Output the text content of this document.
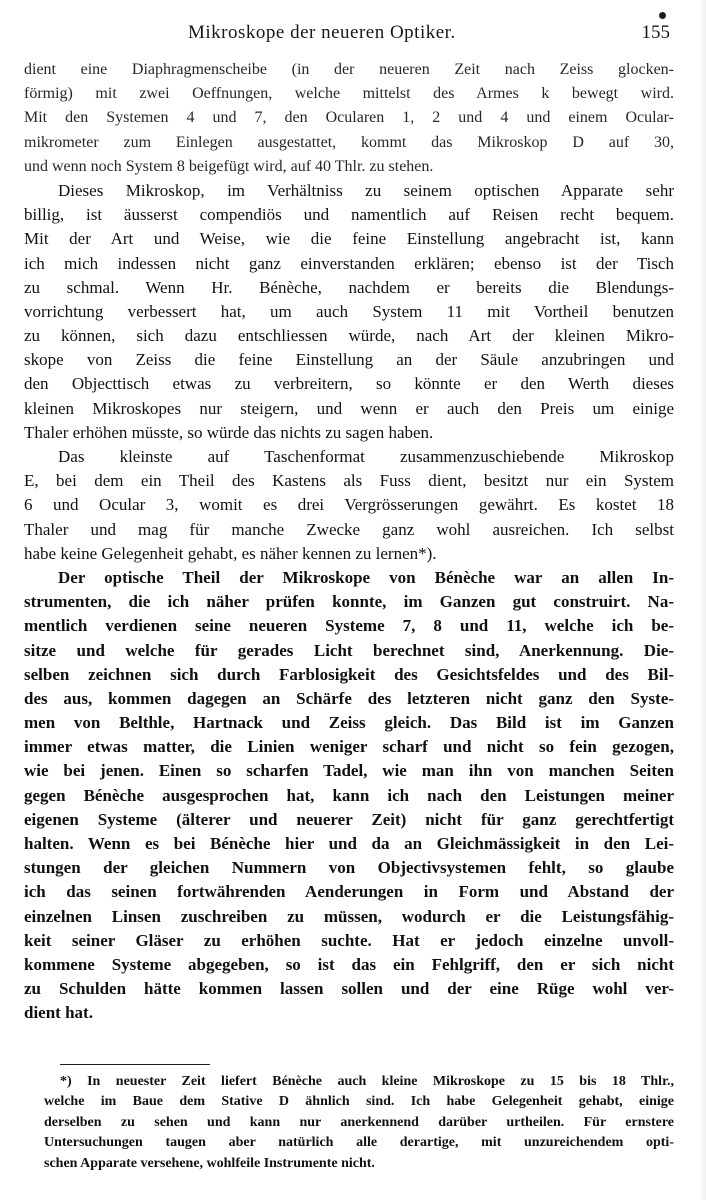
Mikroskope der neueren Optiker.	155
dient eine Diaphragmenscheibe (in der neueren Zeit nach Zeiss glocken-
förmig) mit zwei Oeffnungen, welche mittelst des Armes k bewegt wird.
Mit den Systemen 4 und 7, den Ocularen 1, 2 und 4 und einem Ocular-
mikrometer zum Einlegen ausgestattet, kommt das Mikroskop D auf 30,
und wenn noch System 8 beigefügt wird, auf 40 Thlr. zu stehen.
Dieses Mikroskop, im Verhältniss zu seinem optischen Apparate sehr
billig, ist äusserst compendiös und namentlich auf Reisen recht bequem.
Mit der Art und Weise, wie die feine Einstellung angebracht ist, kann
ich mich indessen nicht ganz einverstanden erklären; ebenso ist der Tisch
zu schmal. Wenn Hr. Bénèche, nachdem er bereits die Blendungs-
vorrichtung verbessert hat, um auch System 11 mit Vortheil benutzen
zu können, sich dazu entschliessen würde, nach Art der kleinen Mikro-
skope von Zeiss die feine Einstellung an der Säule anzubringen und
den Objecttisch etwas zu verbreitern, so könnte er den Werth dieses
kleinen Mikroskopes nur steigern, und wenn er auch den Preis um einige
Thaler erhöhen müsste, so würde das nichts zu sagen haben.
Das kleinste auf Taschenformat zusammenzuschiebende Mikroskop
E, bei dem ein Theil des Kastens als Fuss dient, besitzt nur ein System
6 und Ocular 3, womit es drei Vergrösserungen gewährt. Es kostet 18
Thaler und mag für manche Zwecke ganz wohl ausreichen. Ich selbst
habe keine Gelegenheit gehabt, es näher kennen zu lernen*).
Der optische Theil der Mikroskope von Bénèche war an allen In-
strumenten, die ich näher prüfen konnte, im Ganzen gut construirt. Na-
mentlich verdienen seine neueren Systeme 7, 8 und 11, welche ich be-
sitze und welche für gerades Licht berechnet sind, Anerkennung. Die-
selben zeichnen sich durch Farblosigkeit des Gesichtsfeldes und des Bil-
des aus, kommen dagegen an Schärfe des letzteren nicht ganz den Syste-
men von Belthle, Hartnack und Zeiss gleich. Das Bild ist im Ganzen
immer etwas matter, die Linien weniger scharf und nicht so fein gezogen,
wie bei jenen. Einen so scharfen Tadel, wie man ihn von manchen Seiten
gegen Bénèche ausgesprochen hat, kann ich nach den Leistungen meiner
eigenen Systeme (älterer und neuerer Zeit) nicht für ganz gerechtfertigt
halten. Wenn es bei Bénèche hier und da an Gleichmässigkeit in den Lei-
stungen der gleichen Nummern von Objectivsystemen fehlt, so glaube
ich das seinen fortwährenden Aenderungen in Form und Abstand der
einzelnen Linsen zuschreiben zu müssen, wodurch er die Leistungsfähig-
keit seiner Gläser zu erhöhen suchte. Hat er jedoch einzelne unvoll-
kommene Systeme abgegeben, so ist das ein Fehlgriff, den er sich nicht
zu Schulden hätte kommen lassen sollen und der eine Rüge wohl ver-
dient hat.
*) In neuester Zeit liefert Bénèche auch kleine Mikroskope zu 15 bis 18 Thlr.,
welche im Baue dem Stative D ähnlich sind. Ich habe Gelegenheit gehabt, einige
derselben zu sehen und kann nur anerkennend darüber urtheilen. Für ernstere
Untersuchungen taugen aber natürlich alle derartige, mit unzureichendem opti-
schen Apparate versehene, wohlfeile Instrumente nicht.
